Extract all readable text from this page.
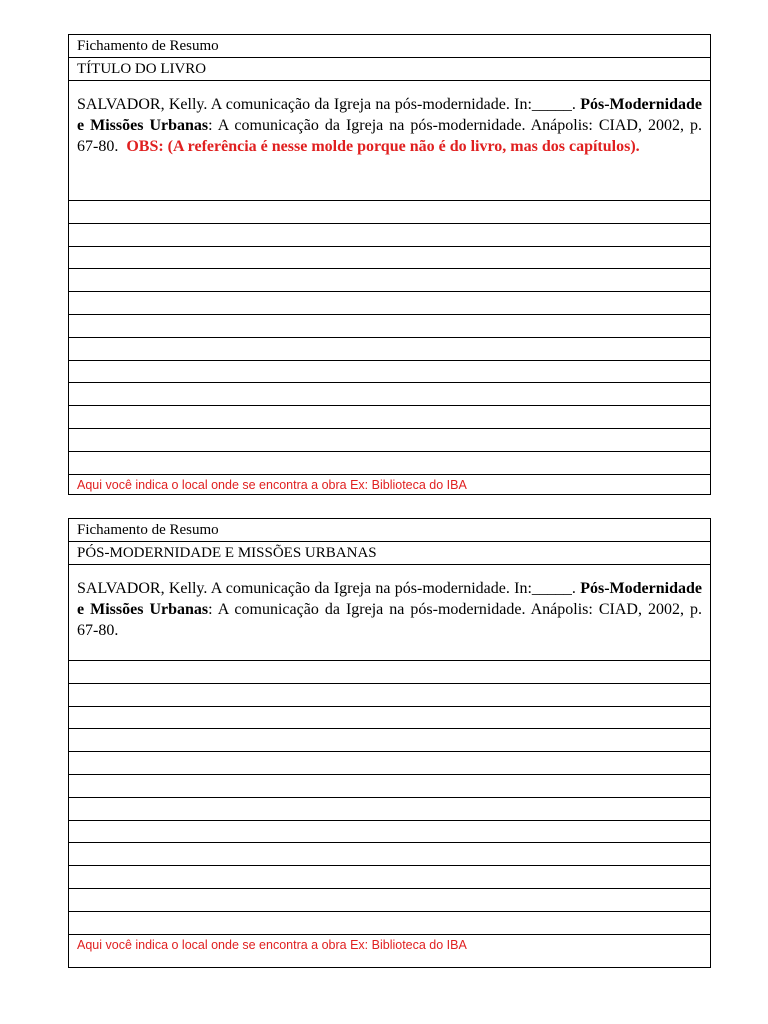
Fichamento de Resumo
TÍTULO DO LIVRO
SALVADOR, Kelly. A comunicação da Igreja na pós-modernidade. In:_____. Pós-Modernidade e Missões Urbanas: A comunicação da Igreja na pós-modernidade. Anápolis: CIAD, 2002, p. 67-80. OBS: (A referência é nesse molde porque não é do livro, mas dos capítulos).
Aqui você indica o local onde se encontra a obra Ex: Biblioteca do IBA
Fichamento de Resumo
PÓS-MODERNIDADE E MISSÕES URBANAS
SALVADOR, Kelly. A comunicação da Igreja na pós-modernidade. In:_____. Pós-Modernidade e Missões Urbanas: A comunicação da Igreja na pós-modernidade. Anápolis: CIAD, 2002, p. 67-80.
Aqui você indica o local onde se encontra a obra Ex: Biblioteca do IBA
